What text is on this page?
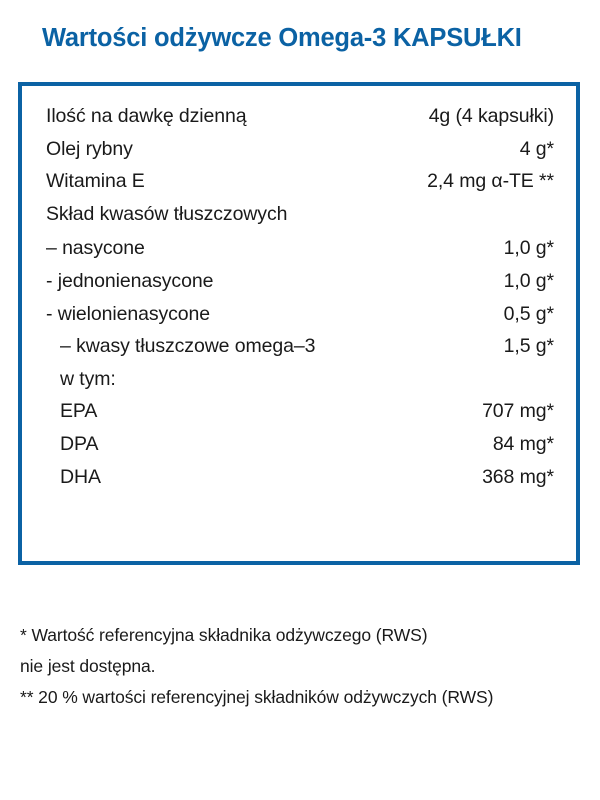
Wartości odżywcze Omega-3 KAPSUŁKI
Ilość na dawkę dzienną	4g (4 kapsułki)
Olej rybny	4 g*
Witamina E	2,4 mg α-TE **
Skład kwasów tłuszczowych
– nasycone	1,0 g*
- jednonienasycone	1,0 g*
- wielonienasycone	0,5 g*
– kwasy tłuszczowe omega–3	1,5 g*
w tym:
EPA	707 mg*
DPA	84 mg*
DHA	368 mg*
* Wartość referencyjna składnika odżywczego (RWS)
nie jest dostępna.
** 20 % wartości referencyjnej składników odżywczych (RWS)
